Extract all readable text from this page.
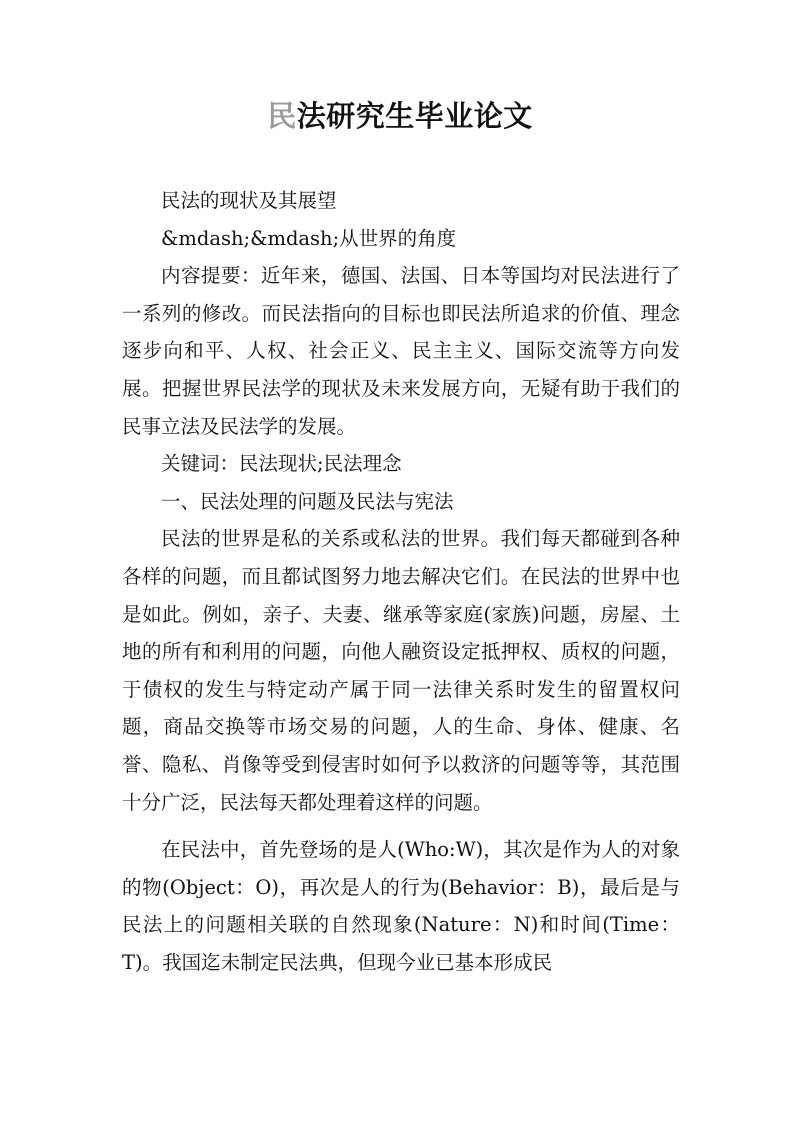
民法研究生毕业论文

民法的现状及其展望

&mdash;&mdash;从世界的角度

内容提要：近年来，德国、法国、日本等国均对民法进行了一系列的修改。而民法指向的目标也即民法所追求的价值、理念逐步向和平、人权、社会正义、民主主义、国际交流等方向发展。把握世界民法学的现状及未来发展方向，无疑有助于我们的民事立法及民法学的发展。

关键词：民法现状;民法理念

一、民法处理的问题及民法与宪法

民法的世界是私的关系或私法的世界。我们每天都碰到各种各样的问题，而且都试图努力地去解决它们。在民法的世界中也是如此。例如，亲子、夫妻、继承等家庭(家族)问题，房屋、土地的所有和利用的问题，向他人融资设定抵押权、质权的问题，于债权的发生与特定动产属于同一法律关系时发生的留置权问题，商品交换等市场交易的问题，人的生命、身体、健康、名誉、隐私、肖像等受到侵害时如何予以救济的问题等等，其范围十分广泛，民法每天都处理着这样的问题。

在民法中，首先登场的是人(Who:W)，其次是作为人的对象的物(Object：O)，再次是人的行为(Behavior：B)，最后是与民法上的问题相关联的自然现象(Nature：N)和时间(Time：T)。我国迄未制定民法典，但现今业已基本形成民
